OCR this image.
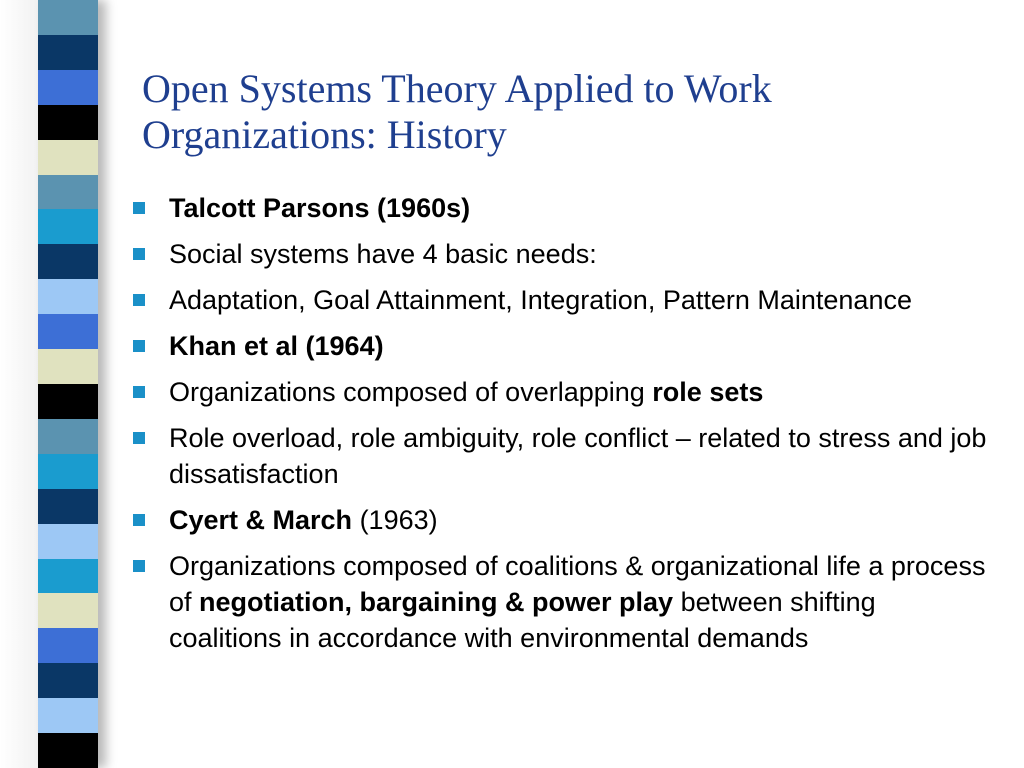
Open Systems Theory Applied to Work
Organizations: History
Talcott Parsons (1960s)
Social systems have 4 basic needs:
Adaptation, Goal Attainment, Integration, Pattern Maintenance
Khan et al (1964)
Organizations composed of overlapping role sets
Role overload, role ambiguity, role conflict – related to stress and job dissatisfaction
Cyert & March (1963)
Organizations composed of coalitions & organizational life a process of negotiation, bargaining & power play between shifting coalitions in accordance with environmental demands
